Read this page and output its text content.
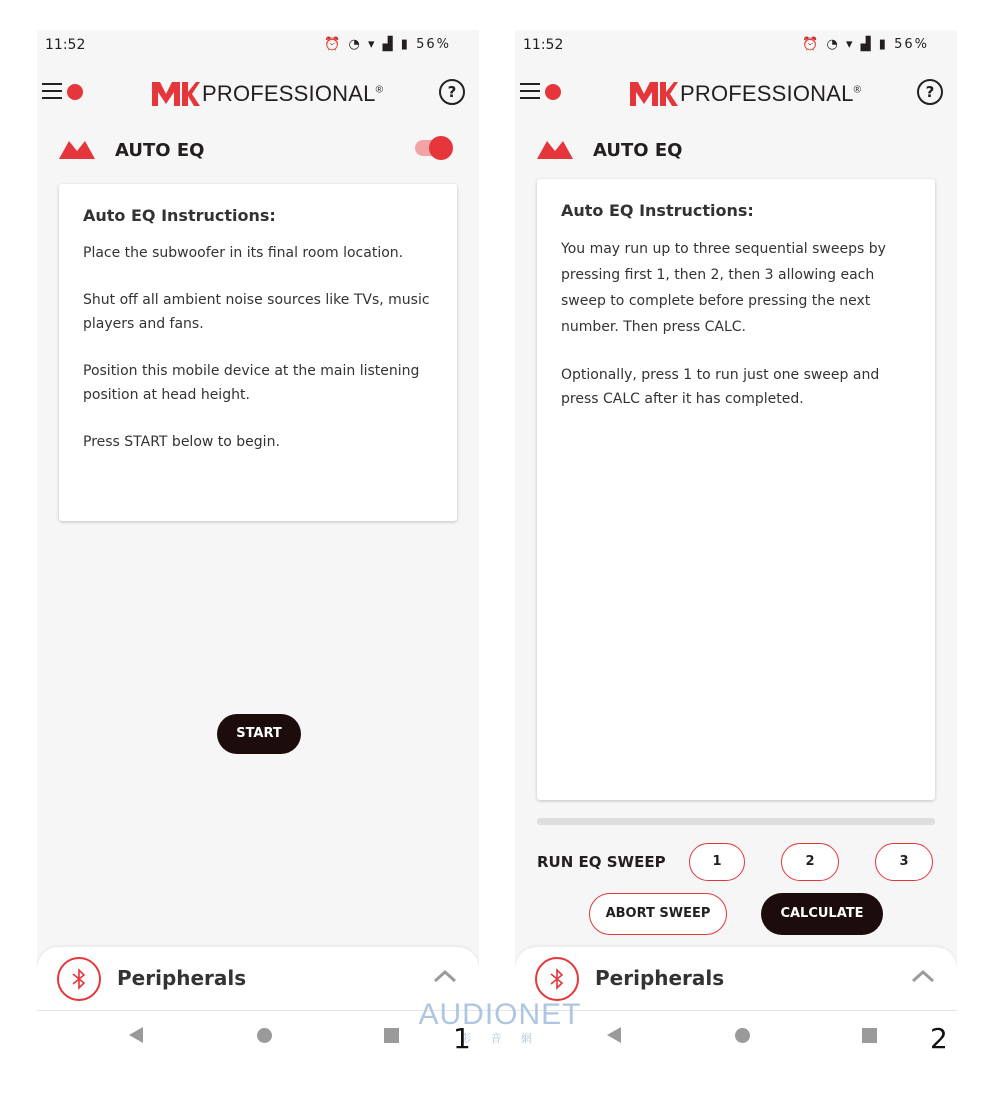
11:52	⏰ ◔ ▾ ▟ ▮ 56%
PROFESSIONAL®	?
AUTO EQ
Auto EQ Instructions:

Place the subwoofer in its final room location.

Shut off all ambient noise sources like TVs, music players and fans.

Position this mobile device at the main listening position at head height.

Press START below to begin.

START
Peripherals
11:52	⏰ ◔ ▾ ▟ ▮ 56%
PROFESSIONAL®	?
AUTO EQ
Auto EQ Instructions:

You may run up to three sequential sweeps by pressing first 1, then 2, then 3 allowing each sweep to complete before pressing the next number. Then press CALC.

Optionally, press 1 to run just one sweep and press CALC after it has completed.

RUN EQ SWEEP	1	2	3
ABORT SWEEP	CALCULATE
Peripherals
AUDIONET
影 音 網
1	2
